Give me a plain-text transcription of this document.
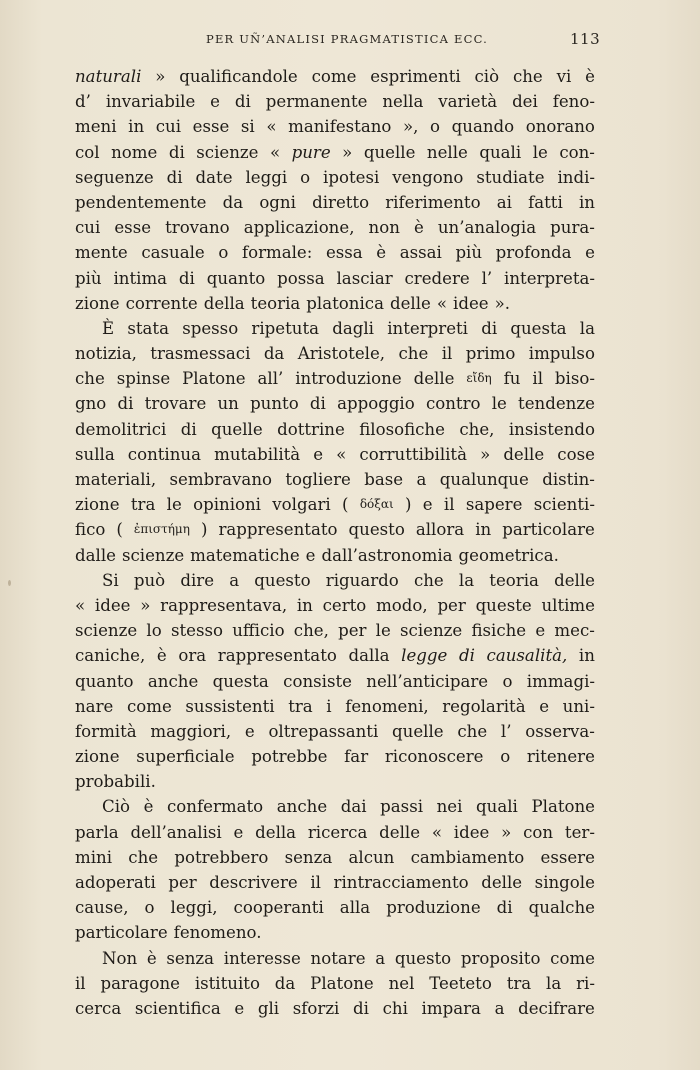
PER UÑ’ANALISI PRAGMATISTICA ECC.	113
naturali » qualificandole come esprimenti ciò che vi è
d’ invariabile e di permanente nella varietà dei feno-
meni in cui esse si « manifestano », o quando onorano
col nome di scienze « pure » quelle nelle quali le con-
seguenze di date leggi o ipotesi vengono studiate indi-
pendentemente da ogni diretto riferimento ai fatti in
cui esse trovano applicazione, non è un’analogia pura-
mente casuale o formale: essa è assai più profonda e
più intima di quanto possa lasciar credere l’ interpreta-
zione corrente della teoria platonica delle « idee ».
È stata spesso ripetuta dagli interpreti di questa la
notizia, trasmessaci da Aristotele, che il primo impulso
che spinse Platone all’ introduzione delle εἴδη fu il biso-
gno di trovare un punto di appoggio contro le tendenze
demolitrici di quelle dottrine filosofiche che, insistendo
sulla continua mutabilità e « corruttibilità » delle cose
materiali, sembravano togliere base a qualunque distin-
zione tra le opinioni volgari ( δόξαι ) e il sapere scienti-
fico ( ἐπιστήμη ) rappresentato questo allora in particolare
dalle scienze matematiche e dall’astronomia geometrica.
Si può dire a questo riguardo che la teoria delle
« idee » rappresentava, in certo modo, per queste ultime
scienze lo stesso ufficio che, per le scienze fisiche e mec-
caniche, è ora rappresentato dalla legge di causalità, in
quanto anche questa consiste nell’anticipare o immagi-
nare come sussistenti tra i fenomeni, regolarità e uni-
formità maggiori, e oltrepassanti quelle che l’ osserva-
zione superficiale potrebbe far riconoscere o ritenere
probabili.
Ciò è confermato anche dai passi nei quali Platone
parla dell’analisi e della ricerca delle « idee » con ter-
mini che potrebbero senza alcun cambiamento essere
adoperati per descrivere il rintracciamento delle singole
cause, o leggi, cooperanti alla produzione di qualche
particolare fenomeno.
Non è senza interesse notare a questo proposito come
il paragone istituito da Platone nel Teeteto tra la ri-
cerca scientifica e gli sforzi di chi impara a decifrare
